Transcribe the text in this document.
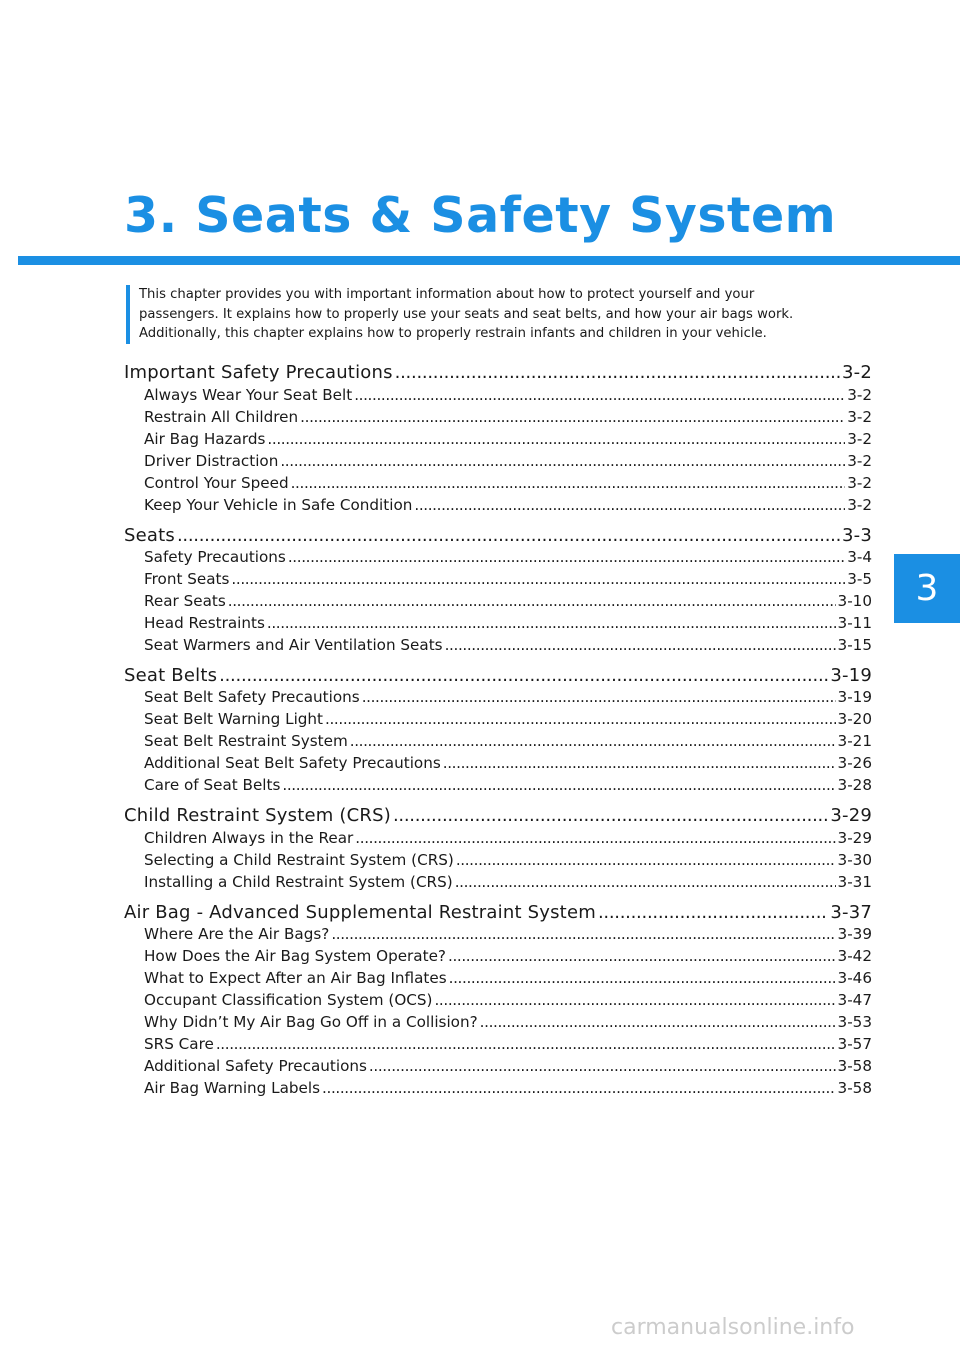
3. Seats & Safety System

This chapter provides you with important information about how to protect yourself and your
passengers. It explains how to properly use your seats and seat belts, and how your air bags work.
Additionally, this chapter explains how to properly restrain infants and children in your vehicle.

Important Safety Precautions . . .	3-2
Always Wear Your Seat Belt . . .	3-2
Restrain All Children . . .	3-2
Air Bag Hazards . . .	3-2
Driver Distraction . . .	3-2
Control Your Speed . . .	3-2
Keep Your Vehicle in Safe Condition . . .	3-2
Seats . . .	3-3
Safety Precautions . . .	3-4
Front Seats . . .	3-5
Rear Seats . . .	3-10
Head Restraints . . .	3-11
Seat Warmers and Air Ventilation Seats . . .	3-15
Seat Belts . . .	3-19
Seat Belt Safety Precautions . . .	3-19
Seat Belt Warning Light . . .	3-20
Seat Belt Restraint System . . .	3-21
Additional Seat Belt Safety Precautions . . .	3-26
Care of Seat Belts . . .	3-28
Child Restraint System (CRS) . . .	3-29
Children Always in the Rear . . .	3-29
Selecting a Child Restraint System (CRS) . . .	3-30
Installing a Child Restraint System (CRS) . . .	3-31
Air Bag - Advanced Supplemental Restraint System . . .	3-37
Where Are the Air Bags? . . .	3-39
How Does the Air Bag System Operate? . . .	3-42
What to Expect After an Air Bag Inflates . . .	3-46
Occupant Classification System (OCS) . . .	3-47
Why Didn’t My Air Bag Go Off in a Collision? . . .	3-53
SRS Care . . .	3-57
Additional Safety Precautions . . .	3-58
Air Bag Warning Labels . . .	3-58
3
carmanualsonline.info
